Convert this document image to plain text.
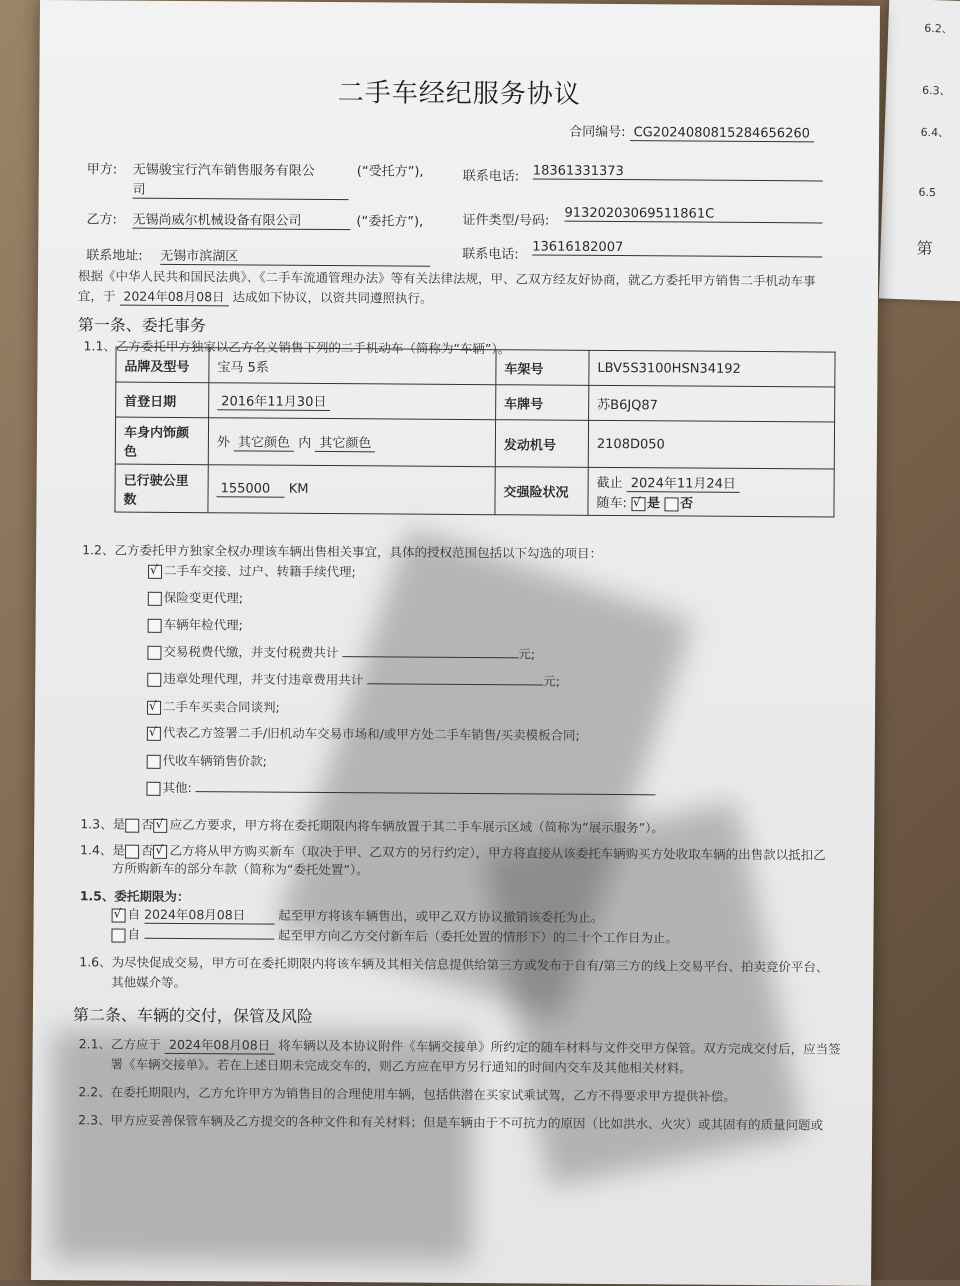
6.2、
6.3、
6.4、
6.5
第
二手车经纪服务协议
合同编号: CG2024080815284656260
甲方: 无锡骏宝行汽车销售服务有限公
司
(“受托方”),	联系电话: 18361331373
乙方: 无锡尚威尔机械设备有限公司	(“委托方”),	证件类型/号码: 91320203069511861C
联系地址: 无锡市滨湖区	联系电话: 13616182007
根据《中华人民共和国民法典》、《二手车流通管理办法》等有关法律法规，甲、乙双方经友好协商，就乙方委托甲方销售二手机动车事
宜，于 2024年08月08日 达成如下协议，以资共同遵照执行。
第一条、委托事务
1.1、乙方委托甲方独家以乙方名义销售下列的二手机动车（简称为“车辆”）。
品牌及型号	宝马 5系	车架号	LBV5S3100HSN34192
首登日期	2016年11月30日	车牌号	苏B6JQ87
车身内饰颜色	外 其它颜色 内 其它颜色	发动机号	2108D050
已行驶公里数	155000 KM	交强险状况	截止 2024年11月24日
随车: √ 是 否
1.2、乙方委托甲方独家全权办理该车辆出售相关事宜，具体的授权范围包括以下勾选的项目：
√二手车交接、过户、转籍手续代理;
保险变更代理;
车辆年检代理;
交易税费代缴，并支付税费共计	元;
违章处理代理，并支付违章费用共计	元;
√二手车买卖合同谈判;
√代表乙方签署二手/旧机动车交易市场和/或甲方处二手车销售/买卖模板合同;
代收车辆销售价款;
其他:
1.3、是 否 √ 应乙方要求，甲方将在委托期限内将车辆放置于其二手车展示区域（简称为“展示服务”）。
1.4、是 否 √ 乙方将从甲方购买新车（取决于甲、乙双方的另行约定），甲方将直接从该委托车辆购买方处收取车辆的出售款以抵扣乙
方所购新车的部分车款（简称为“委托处置”）。
1.5、委托期限为：
√自 2024年08月08日	起至甲方将该车辆售出，或甲乙双方协议撤销该委托为止。
自	起至甲方向乙方交付新车后（委托处置的情形下）的二十个工作日为止。
1.6、为尽快促成交易，甲方可在委托期限内将该车辆及其相关信息提供给第三方或发布于自有/第三方的线上交易平台、拍卖竞价平台、
其他媒介等。
第二条、车辆的交付，保管及风险
2.1、乙方应于 2024年08月08日 将车辆以及本协议附件《车辆交接单》所约定的随车材料与文件交甲方保管。双方完成交付后，应当签
署《车辆交接单》。若在上述日期未完成交车的，则乙方应在甲方另行通知的时间内交车及其他相关材料。
2.2、在委托期限内，乙方允许甲方为销售目的合理使用车辆，包括供潜在买家试乘试驾，乙方不得要求甲方提供补偿。
2.3、甲方应妥善保管车辆及乙方提交的各种文件和有关材料；但是车辆由于不可抗力的原因（比如洪水、火灾）或其固有的质量问题或
